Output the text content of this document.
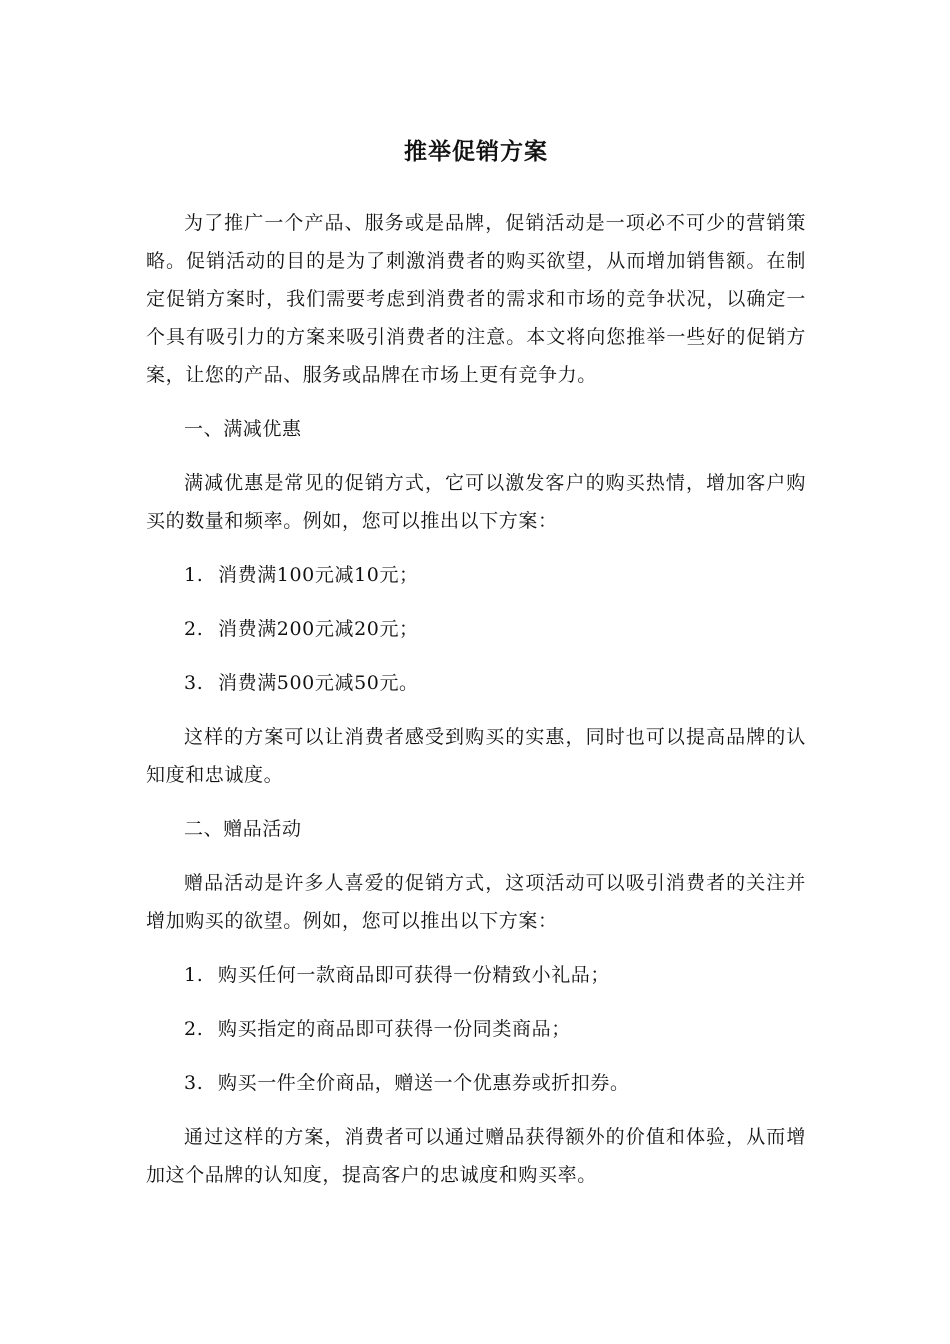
推举促销方案

为了推广一个产品、服务或是品牌，促销活动是一项必不可少的营销策略。促销活动的目的是为了刺激消费者的购买欲望，从而增加销售额。在制定促销方案时，我们需要考虑到消费者的需求和市场的竞争状况，以确定一个具有吸引力的方案来吸引消费者的注意。本文将向您推举一些好的促销方案，让您的产品、服务或品牌在市场上更有竞争力。

一、满减优惠

满减优惠是常见的促销方式，它可以激发客户的购买热情，增加客户购买的数量和频率。例如，您可以推出以下方案：

1. 消费满100元减10元；

2. 消费满200元减20元；

3. 消费满500元减50元。

这样的方案可以让消费者感受到购买的实惠，同时也可以提高品牌的认知度和忠诚度。

二、赠品活动

赠品活动是许多人喜爱的促销方式，这项活动可以吸引消费者的关注并增加购买的欲望。例如，您可以推出以下方案：

1. 购买任何一款商品即可获得一份精致小礼品；

2. 购买指定的商品即可获得一份同类商品；

3. 购买一件全价商品，赠送一个优惠券或折扣券。

通过这样的方案，消费者可以通过赠品获得额外的价值和体验，从而增加这个品牌的认知度，提高客户的忠诚度和购买率。
